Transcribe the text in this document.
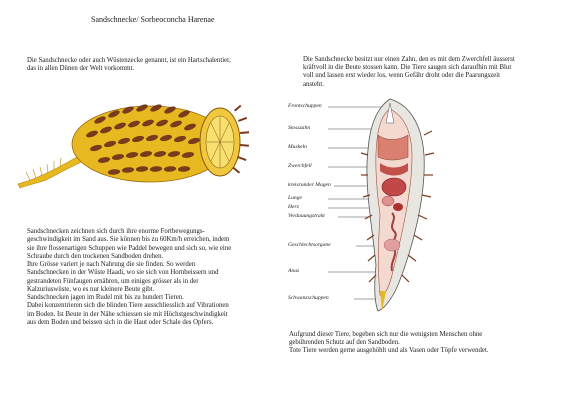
Sandschnecke/ Sorbeoconcha Harenae
Die Sandschnecke oder auch Wüstenzecke genannt, ist ein Hartschalentier,
das in allen Dünen der Welt vorkommt.
Sandschnecken zeichnen sich durch ihre enorme Fortbewegungs-
geschwindigkeit im Sand aus. Sie können bis zu 60Km/h erreichen, indem
sie ihre flossenartigen Schuppen wie Paddel bewegen und sich so, wie eine
Schraube durch den trockenen Sandboden drehen.
Ihre Grösse variert je nach Nahrung die sie finden. So werden
Sandschnecken in der Wüste Haadi, wo sie sich von Hornbeissern und
gestrandeten Fünfaugen ernähren, um einiges grösser als in der
Kalzuriuswüste, wo es nur kleinere Beute gibt.
Sandschnecken jagen im Rudel mit bis zu hundert Tieren.
Dabei konzentrieren sich die blinden Tiere ausschliesslich auf Vibrationen
im Boden. Ist Beute in der Nähe schiessen sie mit Höchstgeschwindigkeit
aus dem Boden und beissen sich in die Haut oder Schale des Opfers.
Die Sandschnecke besitzt nur einen Zahn, den es mit dem Zwerchfell äusserst
kräftvoll in die Beute stossen kann. Die Tiere saugen sich daraufhin mit Blut
voll und lassen erst wieder los, wenn Gefähr droht oder die Paarungszeit
ansteht.
Frontschuppen
Stosszahn
Muskeln
Zwerchfell
kreisrunder Magen
Lunge
Herz
Verdauungstrakt
Geschlechtsorgane
Anus
Schwanzschuppen
Aufgrund dieser Tiere, begeben sich nur die wenigsten Menschen ohne
gebührenden Schutz auf den Sandboden.
Tote Tiere werden gerne ausgehöhlt und als Vasen oder Töpfe verwendet.
